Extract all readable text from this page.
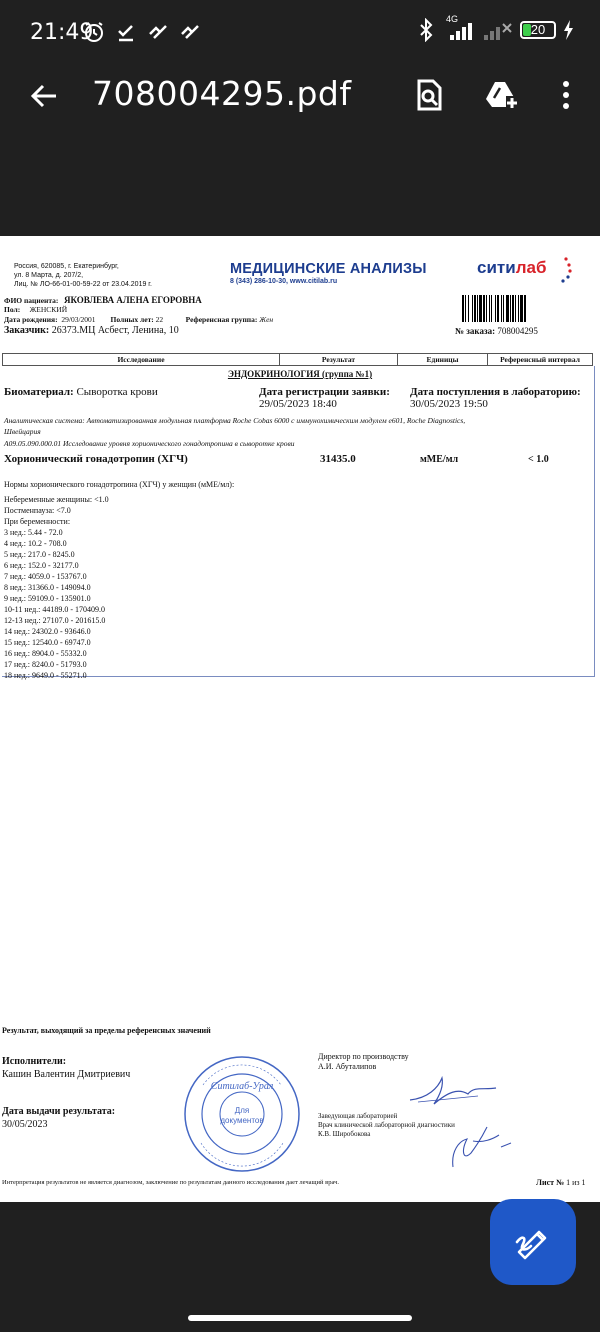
21:49
4G
20
708004295.pdf
Россия, 620085, г. Екатеринбург,
ул. 8 Марта, д. 207/2,
Лиц. № ЛО-66-01-00-59-22 от 23.04.2019 г.
МЕДИЦИНСКИЕ АНАЛИЗЫ
8 (343) 286-10-30, www.citilab.ru
ситилаб
ФИО пациента: ЯКОВЛЕВА АЛЕНА ЕГОРОВНА
Пол: ЖЕНСКИЙ
Дата рождения: 29/03/2001 Полных лет: 22	Референсная группа: Жен
Заказчик: 26373.МЦ Асбест, Ленина, 10	№ заказа: 708004295
Исследование	Результат	Единицы	Референсный интервал
ЭНДОКРИНОЛОГИЯ (группа №1)
Биоматериал: Сыворотка крови	Дата регистрации заявки:
29/05/2023 18:40
Дата поступления в лабораторию:
30/05/2023 19:50
Аналитическая система: Автоматизированная модульная платформа Roche Cobas 6000 с иммунохимическим модулем e601, Roche Diagnostics,
Швейцария
А09.05.090.000.01 Исследование уровня хорионического гонадотропина в сыворотке крови
Хорионический гонадотропин (ХГЧ)	31435.0	мМЕ/мл	< 1.0
Нормы хорионического гонадотропина (ХГЧ) у женщин (мМЕ/мл):
Небеременные женщины: <1.0
Постменпауза: <7.0
При беременности:
3 нед.: 5.44 - 72.0
4 нед.: 10.2 - 708.0
5 нед.: 217.0 - 8245.0
6 нед.: 152.0 - 32177.0
7 нед.: 4059.0 - 153767.0
8 нед.: 31366.0 - 149094.0
9 нед.: 59109.0 - 135901.0
10-11 нед.: 44189.0 - 170409.0
12-13 нед.: 27107.0 - 201615.0
14 нед.: 24302.0 - 93646.0
15 нед.: 12540.0 - 69747.0
16 нед.: 8904.0 - 55332.0
17 нед.: 8240.0 - 51793.0
18 нед.: 9649.0 - 55271.0
Результат, выходящий за пределы референсных значений
Исполнители:
Кашин Валентин Дмитриевич
Дата выдачи результата:
30/05/2023
Директор по производству
А.И. Абуталипов
Заведующая лабораторией
Врач клинической лабораторной диагностики
К.В. Широбокова
Ситилаб-Урал
Для
документов
Интерпретация результатов не является диагнозом, заключение по результатам данного исследования дает лечащий врач.	Лист № 1 из 1
